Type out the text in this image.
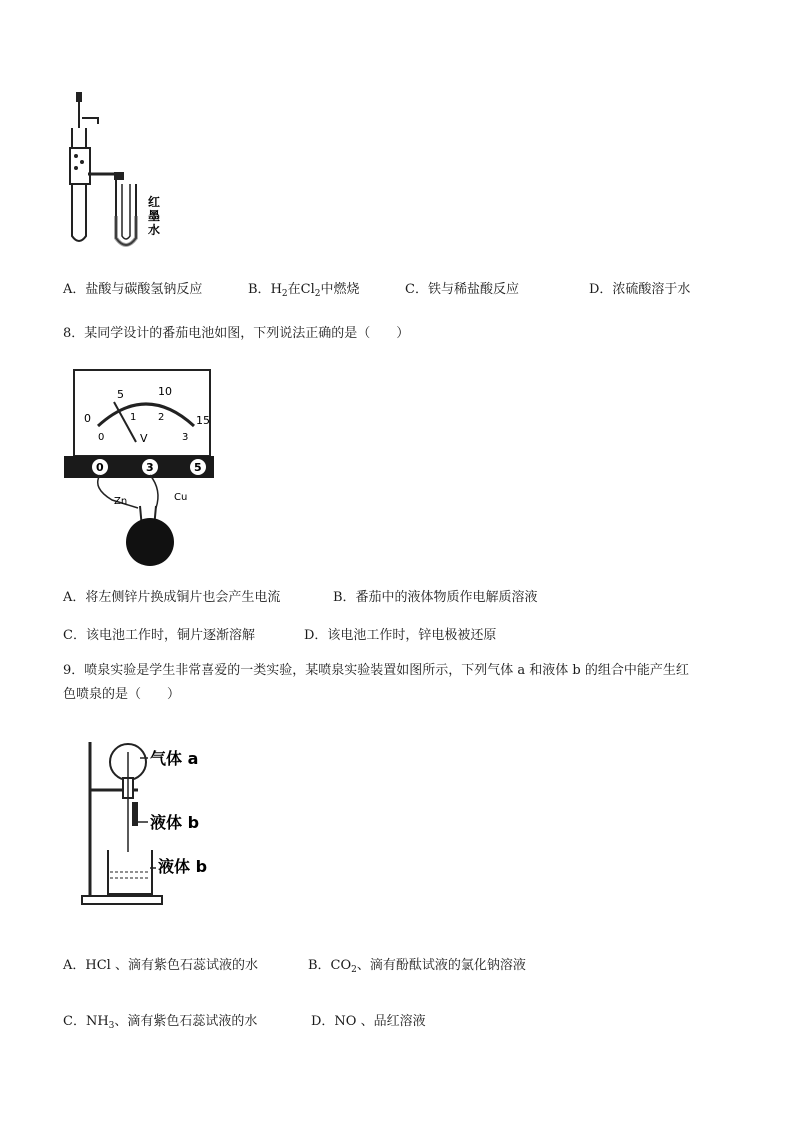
红
墨
水
A．盐酸与碳酸氢钠反应	B．$H_2$在$Cl_2$中燃烧	C．铁与稀盐酸反应	D．浓硫酸溶于水
8．某同学设计的番茄电池如图，下列说法正确的是（　　）
0
5	10
15
0
1 2
3
V
0	3	5
Zn	Cu
A．将左侧锌片换成铜片也会产生电流	B．番茄中的液体物质作电解质溶液
C．该电池工作时，铜片逐渐溶解	D．该电池工作时，锌电极被还原
9．喷泉实验是学生非常喜爱的一类实验，某喷泉实验装置如图所示，下列气体 a 和液体 b 的组合中能产生红
色喷泉的是（　　）
气体 a
液体 b
液体 b
A．HCl 、滴有紫色石蕊试液的水	B．$CO_2$、滴有酚酞试液的氯化钠溶液
C．$NH_3$、滴有紫色石蕊试液的水	D．NO 、品红溶液
